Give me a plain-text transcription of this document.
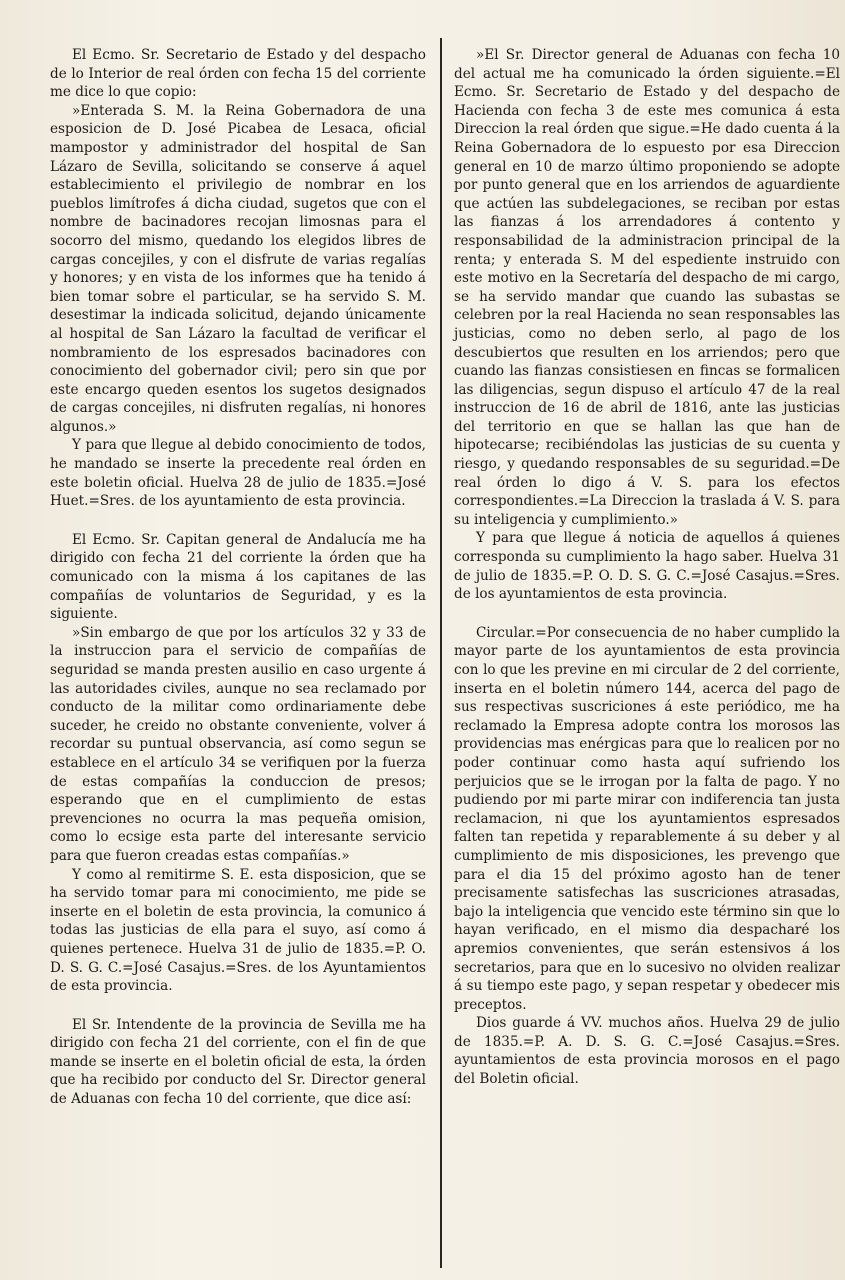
El Ecmo. Sr. Secretario de Estado y del despacho de lo Interior de real órden con fecha 15 del corriente me dice lo que copio:

»Enterada S. M. la Reina Gobernadora de una esposicion de D. José Picabea de Lesaca, oficial mampostor y administrador del hospital de San Lázaro de Sevilla, solicitando se conserve á aquel establecimiento el privilegio de nombrar en los pueblos limítrofes á dicha ciudad, sugetos que con el nombre de bacinadores recojan limosnas para el socorro del mismo, quedando los elegidos libres de cargas concejiles, y con el disfrute de varias regalías y honores; y en vista de los informes que ha tenido á bien tomar sobre el particular, se ha servido S. M. desestimar la indicada solicitud, dejando únicamente al hospital de San Lázaro la facultad de verificar el nombramiento de los espresados bacinadores con conocimiento del gobernador civil; pero sin que por este encargo queden esentos los sugetos designados de cargas concejiles, ni disfruten regalías, ni honores algunos.»

Y para que llegue al debido conocimiento de todos, he mandado se inserte la precedente real órden en este boletin oficial. Huelva 28 de julio de 1835.=José Huet.=Sres. de los ayuntamiento de esta provincia.

El Ecmo. Sr. Capitan general de Andalucía me ha dirigido con fecha 21 del corriente la órden que ha comunicado con la misma á los capitanes de las compañías de voluntarios de Seguridad, y es la siguiente.

»Sin embargo de que por los artículos 32 y 33 de la instruccion para el servicio de compañías de seguridad se manda presten ausilio en caso urgente á las autoridades civiles, aunque no sea reclamado por conducto de la militar como ordinariamente debe suceder, he creido no obstante conveniente, volver á recordar su puntual observancia, así como segun se establece en el artículo 34 se verifiquen por la fuerza de estas compañías la conduccion de presos; esperando que en el cumplimiento de estas prevenciones no ocurra la mas pequeña omision, como lo ecsige esta parte del interesante servicio para que fueron creadas estas compañías.»

Y como al remitirme S. E. esta disposicion, que se ha servido tomar para mi conocimiento, me pide se inserte en el boletin de esta provincia, la comunico á todas las justicias de ella para el suyo, así como á quienes pertenece. Huelva 31 de julio de 1835.=P. O. D. S. G. C.=José Casajus.=Sres. de los Ayuntamientos de esta provincia.

El Sr. Intendente de la provincia de Sevilla me ha dirigido con fecha 21 del corriente, con el fin de que mande se inserte en el boletin oficial de esta, la órden que ha recibido por conducto del Sr. Director general de Aduanas con fecha 10 del corriente, que dice así:

»El Sr. Director general de Aduanas con fecha 10 del actual me ha comunicado la órden siguiente.=El Ecmo. Sr. Secretario de Estado y del despacho de Hacienda con fecha 3 de este mes comunica á esta Direccion la real órden que sigue.=He dado cuenta á la Reina Gobernadora de lo espuesto por esa Direccion general en 10 de marzo último proponiendo se adopte por punto general que en los arriendos de aguardiente que actúen las subdelegaciones, se reciban por estas las fianzas á los arrendadores á contento y responsabilidad de la administracion principal de la renta; y enterada S. M del espediente instruido con este motivo en la Secretaría del despacho de mi cargo, se ha servido mandar que cuando las subastas se celebren por la real Hacienda no sean responsables las justicias, como no deben serlo, al pago de los descubiertos que resulten en los arriendos; pero que cuando las fianzas consistiesen en fincas se formalicen las diligencias, segun dispuso el artículo 47 de la real instruccion de 16 de abril de 1816, ante las justicias del territorio en que se hallan las que han de hipotecarse; recibiéndolas las justicias de su cuenta y riesgo, y quedando responsables de su seguridad.=De real órden lo digo á V. S. para los efectos correspondientes.=La Direccion la traslada á V. S. para su inteligencia y cumplimiento.»

Y para que llegue á noticia de aquellos á quienes corresponda su cumplimiento la hago saber. Huelva 31 de julio de 1835.=P. O. D. S. G. C.=José Casajus.=Sres. de los ayuntamientos de esta provincia.

Circular.=Por consecuencia de no haber cumplido la mayor parte de los ayuntamientos de esta provincia con lo que les previne en mi circular de 2 del corriente, inserta en el boletin número 144, acerca del pago de sus respectivas suscriciones á este periódico, me ha reclamado la Empresa adopte contra los morosos las providencias mas enérgicas para que lo realicen por no poder continuar como hasta aquí sufriendo los perjuicios que se le irrogan por la falta de pago. Y no pudiendo por mi parte mirar con indiferencia tan justa reclamacion, ni que los ayuntamientos espresados falten tan repetida y reparablemente á su deber y al cumplimiento de mis disposiciones, les prevengo que para el dia 15 del próximo agosto han de tener precisamente satisfechas las suscriciones atrasadas, bajo la inteligencia que vencido este término sin que lo hayan verificado, en el mismo dia despacharé los apremios convenientes, que serán estensivos á los secretarios, para que en lo sucesivo no olviden realizar á su tiempo este pago, y sepan respetar y obedecer mis preceptos.

Dios guarde á VV. muchos años. Huelva 29 de julio de 1835.=P. A. D. S. G. C.=José Casajus.=Sres. ayuntamientos de esta provincia morosos en el pago del Boletin oficial.
